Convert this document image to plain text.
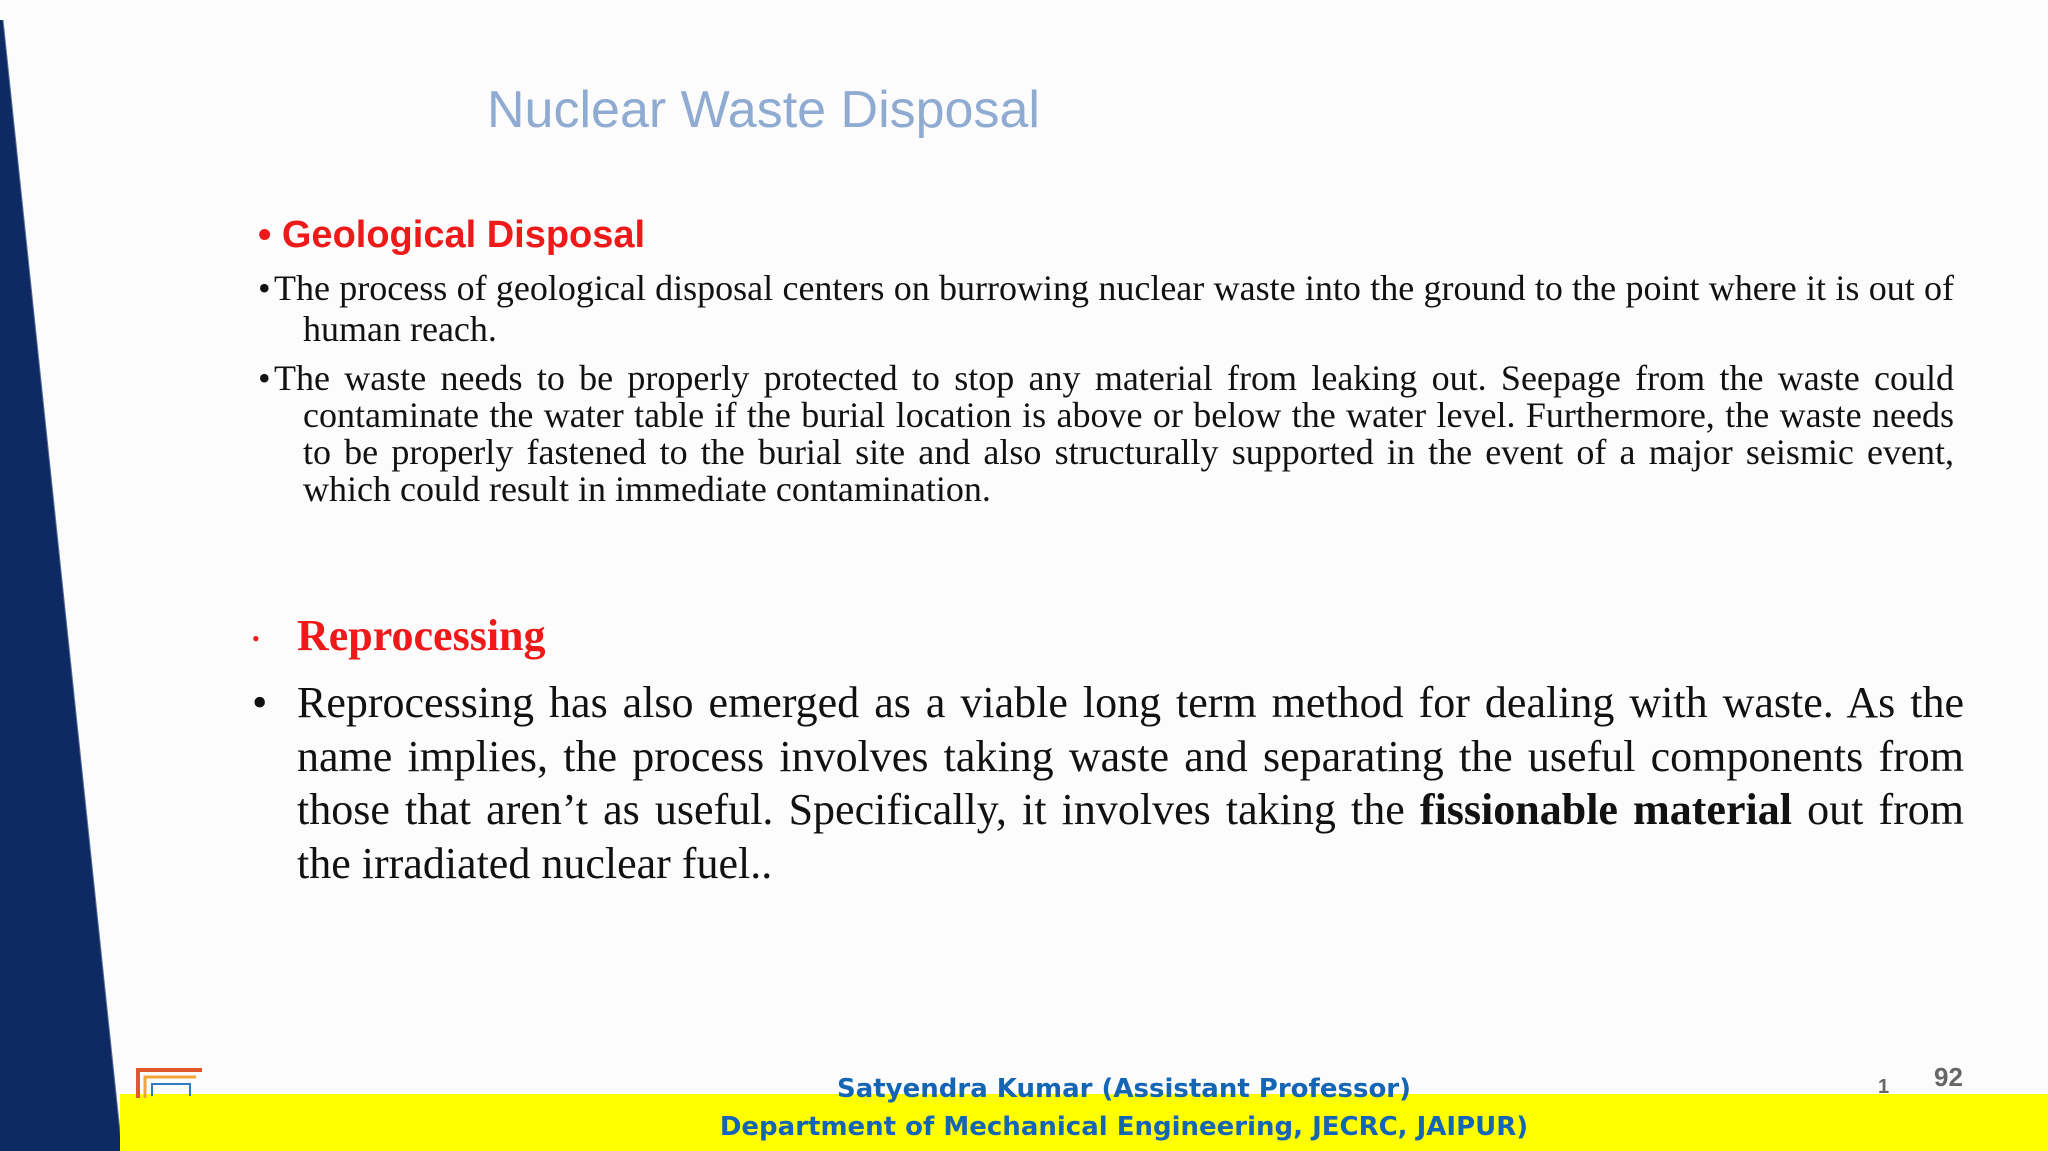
Nuclear Waste Disposal
• Geological Disposal
• The process of geological disposal centers on burrowing nuclear waste into the ground to the point where it is out of human reach.
• The waste needs to be properly protected to stop any material from leaking out. Seepage from the waste could contaminate the water table if the burial location is above or below the water level. Furthermore, the waste needs to be properly fastened to the burial site and also structurally supported in the event of a major seismic event, which could result in immediate contamination.
• Reprocessing
• Reprocessing has also emerged as a viable long term method for dealing with waste. As the name implies, the process involves taking waste and separating the useful components from those that aren’t as useful. Specifically, it involves taking the fissionable material out from the irradiated nuclear fuel..
Satyendra Kumar (Assistant Professor)
Department of Mechanical Engineering, JECRC, JAIPUR)
1 92
